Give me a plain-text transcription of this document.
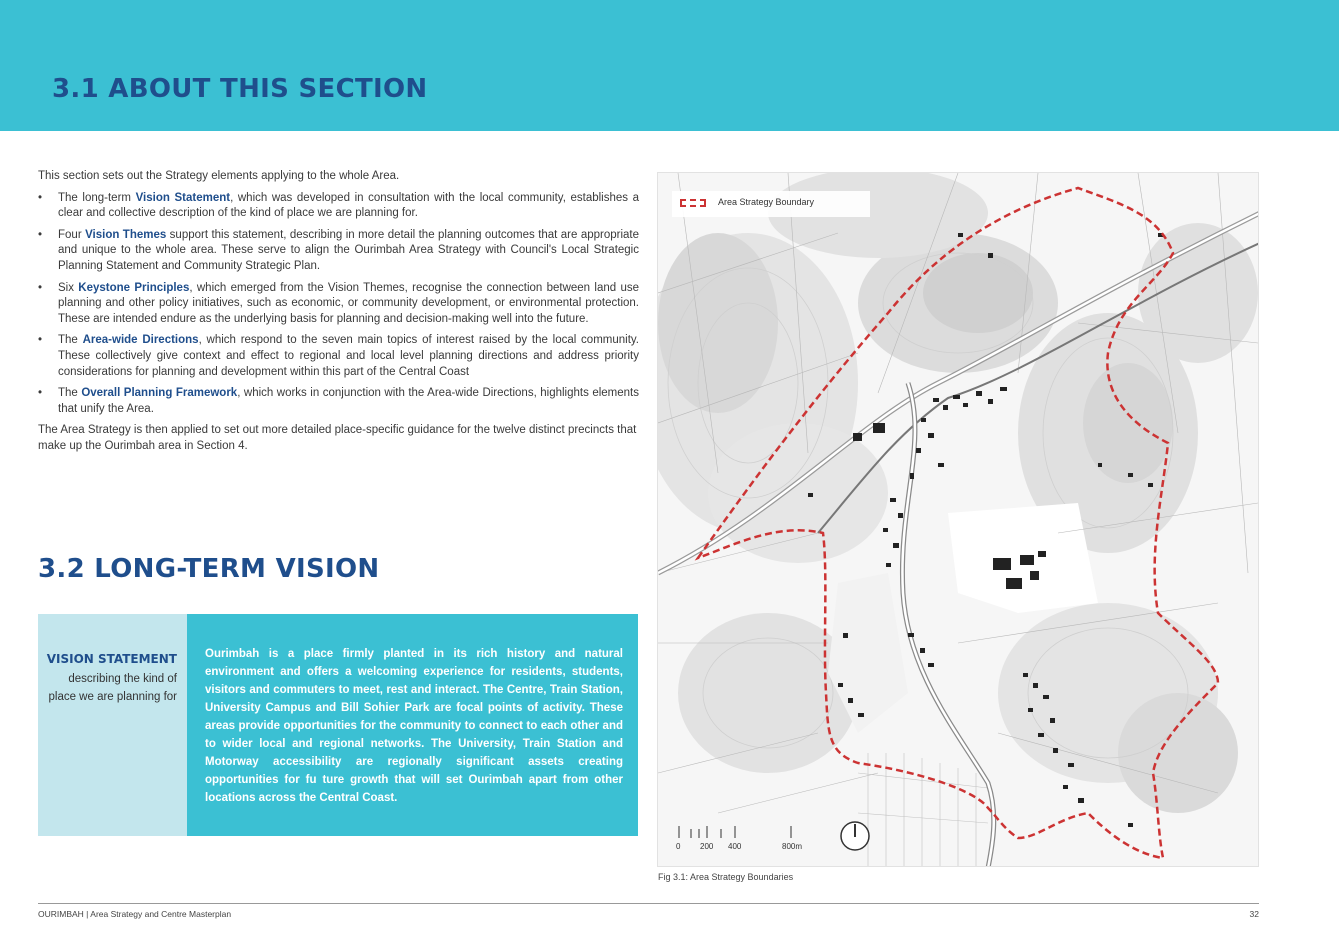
3.1 ABOUT THIS SECTION

This section sets out the Strategy elements applying to the whole Area.

• The long-term Vision Statement, which was developed in consultation with the local community, establishes a clear and collective description of the kind of place we are planning for.
• Four Vision Themes support this statement, describing in more detail the planning outcomes that are appropriate and unique to the whole area. These serve to align the Ourimbah Area Strategy with Council's Local Strategic Planning Statement and Community Strategic Plan.
• Six Keystone Principles, which emerged from the Vision Themes, recognise the connection between land use planning and other policy initiatives, such as economic, or community development, or environmental protection. These are intended endure as the underlying basis for planning and decision-making well into the future.
• The Area-wide Directions, which respond to the seven main topics of interest raised by the local community. These collectively give context and effect to regional and local level planning directions and address priority considerations for planning and development within this part of the Central Coast
• The Overall Planning Framework, which works in conjunction with the Area-wide Directions, highlights elements that unify the Area.

The Area Strategy is then applied to set out more detailed place-specific guidance for the twelve distinct precincts that make up the Ourimbah area in Section 4.

3.2 LONG-TERM VISION
VISION STATEMENT
describing the kind of place we are planning for

Ourimbah is a place firmly planted in its rich history and natural environment and offers a welcoming experience for residents, students, visitors and commuters to meet, rest and interact. The Centre, Train Station, University Campus and Bill Sohier Park are focal points of activity. These areas provide opportunities for the community to connect to each other and to wider local and regional networks. The University, Train Station and Motorway accessibility are regionally significant assets creating opportunities for fu ture growth that will set Ourimbah apart from other locations across the Central Coast.

Area Strategy Boundary
0 200 400	800m
Fig 3.1: Area Strategy Boundaries
OURIMBAH | Area Strategy and Centre Masterplan	32
